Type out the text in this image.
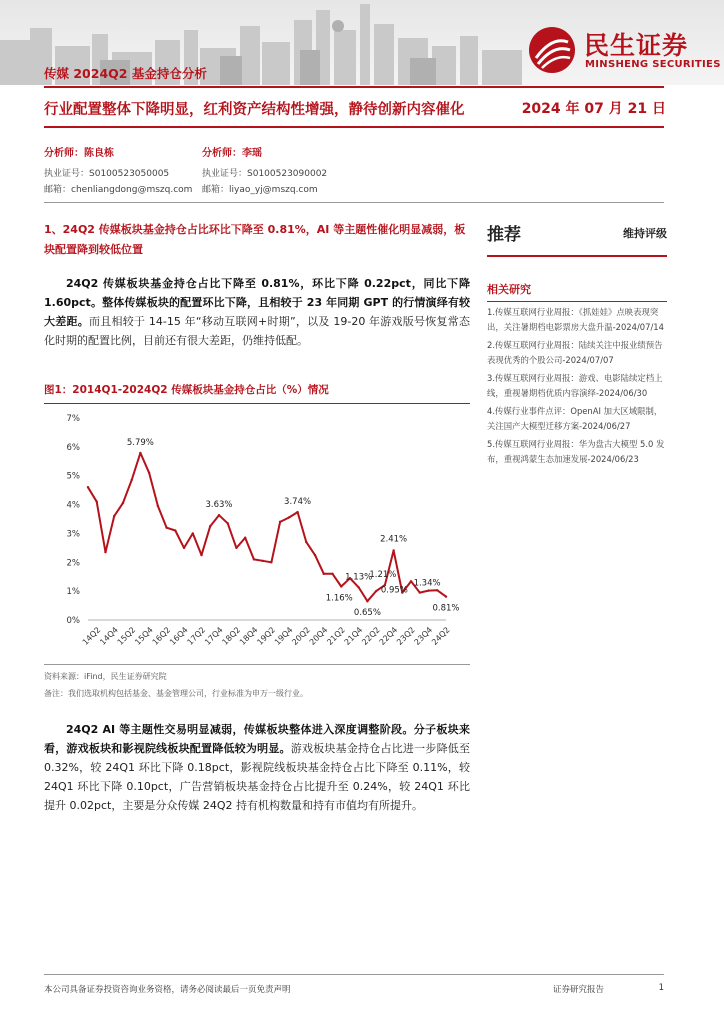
民生证券
MINSHENG SECURITIES
传媒 2024Q2 基金持仓分析
行业配置整体下降明显，红利资产结构性增强，静待创新内容催化	2024 年 07 月 21 日
分析师：陈良栋
执业证号：S0100523050005
邮箱：chenliangdong@mszq.com
分析师：李瑶
执业证号：S0100523090002
邮箱：liyao_yj@mszq.com
1、24Q2 传媒板块基金持仓占比环比下降至 0.81%，AI 等主题性催化明显减弱，板块配置降到较低位置

24Q2 传媒板块基金持仓占比下降至 0.81%，环比下降 0.22pct，同比下降 1.60pct。整体传媒板块的配置环比下降，且相较于 23 年同期 GPT 的行情演绎有较大差距。而且相较于 14-15 年“移动互联网+时期”，以及 19-20 年游戏版号恢复常态化时期的配置比例，目前还有很大差距，仍维持低配。

图1：2014Q1-2024Q2 传媒板块基金持仓占比（%）情况
0%
1%
2%
3%
4%
5%
6%
7%
14Q2
14Q4
15Q2
15Q4
16Q2
16Q4
17Q2
17Q4
18Q2
18Q4
19Q2
19Q4
20Q2
20Q4
21Q2
21Q4
22Q2
22Q4
23Q2
23Q4
24Q2
5.79%
3.63%	3.74%
1.16%
1.13%
0.65%
1.21%
2.41%
0.95%
1.34%
0.81%
资料来源：iFind，民生证券研究院
备注：我们选取机构包括基金、基金管理公司，行业标准为申万一级行业。

24Q2 AI 等主题性交易明显减弱，传媒板块整体进入深度调整阶段。分子板块来看，游戏板块和影视院线板块配置降低较为明显。游戏板块基金持仓占比进一步降低至 0.32%，较 24Q1 环比下降 0.18pct，影视院线板块基金持仓占比下降至 0.11%，较 24Q1 环比下降 0.10pct，广告营销板块基金持仓占比提升至 0.24%，较 24Q1 环比提升 0.02pct，主要是分众传媒 24Q2 持有机构数量和持有市值均有所提升。

推荐	维持评级
相关研究
1.传媒互联网行业周报：《抓娃娃》点映表现突出，关注暑期档电影票房大盘升温-2024/07/14
2.传媒互联网行业周报：陆续关注中报业绩预告表现优秀的个股公司-2024/07/07
3.传媒互联网行业周报：游戏、电影陆续定档上线，重视暑期档优质内容演绎-2024/06/30
4.传媒行业事件点评：OpenAI 加大区域限制，关注国产大模型迁移方案-2024/06/27
5.传媒互联网行业周报：华为盘古大模型 5.0 发布，重视鸿蒙生态加速发展-2024/06/23
本公司具备证券投资咨询业务资格，请务必阅读最后一页免责声明	证券研究报告	1
